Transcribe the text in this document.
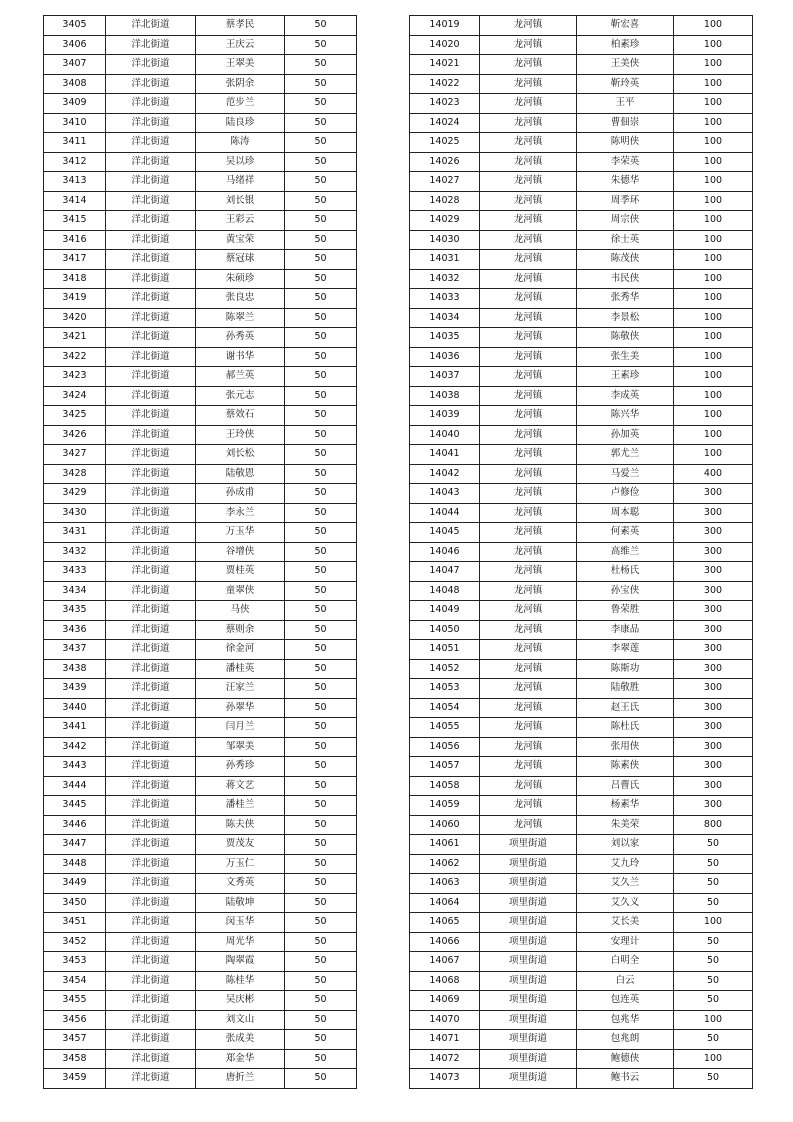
3405	洋北街道	蔡孝民	50
3406	洋北街道	王庆云	50
3407	洋北街道	王翠美	50
3408	洋北街道	张阴余	50
3409	洋北街道	范步兰	50
3410	洋北街道	陆良珍	50
3411	洋北街道	陈涛	50
3412	洋北街道	吴以珍	50
3413	洋北街道	马绪祥	50
3414	洋北街道	刘长银	50
3415	洋北街道	王彩云	50
3416	洋北街道	黄宝荣	50
3417	洋北街道	蔡冠球	50
3418	洋北街道	朱硕珍	50
3419	洋北街道	张良忠	50
3420	洋北街道	陈翠兰	50
3421	洋北街道	孙秀英	50
3422	洋北街道	谢书华	50
3423	洋北街道	郝兰英	50
3424	洋北街道	张元志	50
3425	洋北街道	蔡效石	50
3426	洋北街道	王玲侠	50
3427	洋北街道	刘长松	50
3428	洋北街道	陆敬恩	50
3429	洋北街道	孙成甫	50
3430	洋北街道	李永兰	50
3431	洋北街道	万玉华	50
3432	洋北街道	谷增侠	50
3433	洋北街道	贾桂英	50
3434	洋北街道	童翠侠	50
3435	洋北街道	马侠	50
3436	洋北街道	蔡则余	50
3437	洋北街道	徐金河	50
3438	洋北街道	潘桂英	50
3439	洋北街道	汪家兰	50
3440	洋北街道	孙翠华	50
3441	洋北街道	闫月兰	50
3442	洋北街道	邹翠美	50
3443	洋北街道	孙秀珍	50
3444	洋北街道	蒋文艺	50
3445	洋北街道	潘桂兰	50
3446	洋北街道	陈夫侠	50
3447	洋北街道	贾茂友	50
3448	洋北街道	万玉仁	50
3449	洋北街道	文秀英	50
3450	洋北街道	陆敬坤	50
3451	洋北街道	闵玉华	50
3452	洋北街道	周光华	50
3453	洋北街道	陶翠霞	50
3454	洋北街道	陈桂华	50
3455	洋北街道	吴庆彬	50
3456	洋北街道	刘文山	50
3457	洋北街道	张成美	50
3458	洋北街道	郑金华	50
3459	洋北街道	唐折兰	50
14019	龙河镇	靳宏喜	100
14020	龙河镇	柏素珍	100
14021	龙河镇	王美侠	100
14022	龙河镇	靳玲英	100
14023	龙河镇	王平	100
14024	龙河镇	曹佃崇	100
14025	龙河镇	陈明侠	100
14026	龙河镇	李荣英	100
14027	龙河镇	朱德华	100
14028	龙河镇	周季环	100
14029	龙河镇	周宗侠	100
14030	龙河镇	徐士英	100
14031	龙河镇	陈茂侠	100
14032	龙河镇	韦民侠	100
14033	龙河镇	张秀华	100
14034	龙河镇	李景松	100
14035	龙河镇	陈敬侠	100
14036	龙河镇	张生美	100
14037	龙河镇	王素珍	100
14038	龙河镇	李成英	100
14039	龙河镇	陈兴华	100
14040	龙河镇	孙加英	100
14041	龙河镇	郭尤兰	100
14042	龙河镇	马爱兰	400
14043	龙河镇	卢修俭	300
14044	龙河镇	周本聪	300
14045	龙河镇	何素英	300
14046	龙河镇	高维兰	300
14047	龙河镇	杜杨氏	300
14048	龙河镇	孙宝侠	300
14049	龙河镇	鲁荣胜	300
14050	龙河镇	李康品	300
14051	龙河镇	李翠莲	300
14052	龙河镇	陈斯功	300
14053	龙河镇	陆敬胜	300
14054	龙河镇	赵王氏	300
14055	龙河镇	陈杜氏	300
14056	龙河镇	张用侠	300
14057	龙河镇	陈素侠	300
14058	龙河镇	吕曹氏	300
14059	龙河镇	杨素华	300
14060	龙河镇	朱美荣	800
14061	项里街道	刘以家	50
14062	项里街道	艾九玲	50
14063	项里街道	艾久兰	50
14064	项里街道	艾久义	50
14065	项里街道	艾长美	100
14066	项里街道	安理计	50
14067	项里街道	白明全	50
14068	项里街道	白云	50
14069	项里街道	包连英	50
14070	项里街道	包兆华	100
14071	项里街道	包兆朗	50
14072	项里街道	鲍德侠	100
14073	项里街道	鲍书云	50
